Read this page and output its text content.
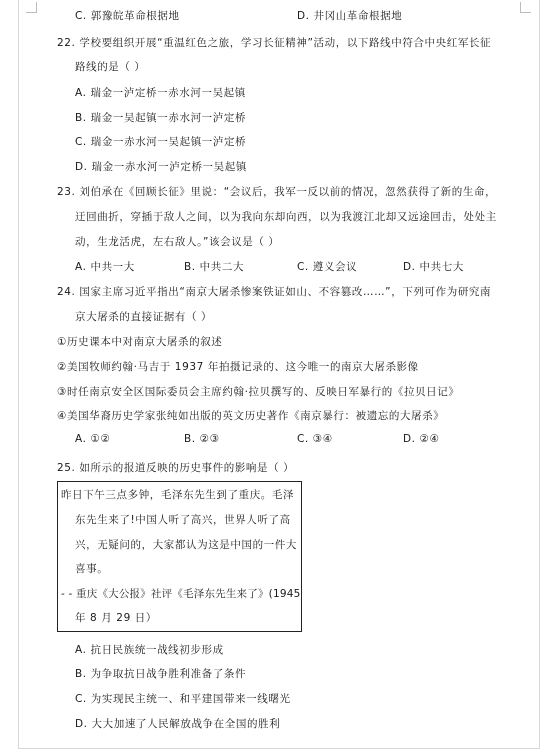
C. 郭豫皖革命根据地	D. 井冈山革命根据地
22. 学校要组织开展“重温红色之旅，学习长征精神”活动，以下路线中符合中央红军长征
路线的是（ ）
A. 瑞金一泸定桥一赤水河一吴起镇
B. 瑞金一吴起镇一赤水河一泸定桥
C. 瑞金一赤水河一吴起镇一泸定桥
D. 瑞金一赤水河一泸定桥一吴起镇
23. 刘伯承在《回顾长征》里说：“会议后，我军一反以前的情况，忽然获得了新的生命，
迂回曲折，穿插于敌人之间，以为我向东却向西，以为我渡江北却又远途回击，处处主
动，生龙活虎，左右敌人。”该会议是（ ）
A. 中共一大	B. 中共二大	C. 遵义会议	D. 中共七大
24. 国家主席习近平指出“南京大屠杀惨案铁证如山、不容篡改……”，下列可作为研究南
京大屠杀的直接证据有（ ）
①历史课本中对南京大屠杀的叙述
②美国牧师约翰·马吉于 1937 年拍摄记录的、这今唯一的南京大屠杀影像
③时任南京安全区国际委员会主席约翰·拉贝撰写的、反映日军暴行的《拉贝日记》
④美国华裔历史学家张纯如出版的英文历史著作《南京暴行：被遗忘的大屠杀》
A. ①②	B. ②③	C. ③④	D. ②④
25. 如所示的报道反映的历史事件的影响是（ ）
昨日下午三点多钟，毛泽东先生到了重庆。毛泽
东先生来了!中国人听了高兴，世界人听了高
兴，无疑问的，大家都认为这是中国的一件大
喜事。
- - 重庆《大公报》社评《毛泽东先生来了》(1945
年 8 月 29 日）
A. 抗日民族统一战线初步形成
B. 为争取抗日战争胜利准备了条件
C. 为实现民主统一、和平建国带来一线曙光
D. 大大加速了人民解放战争在全国的胜利
